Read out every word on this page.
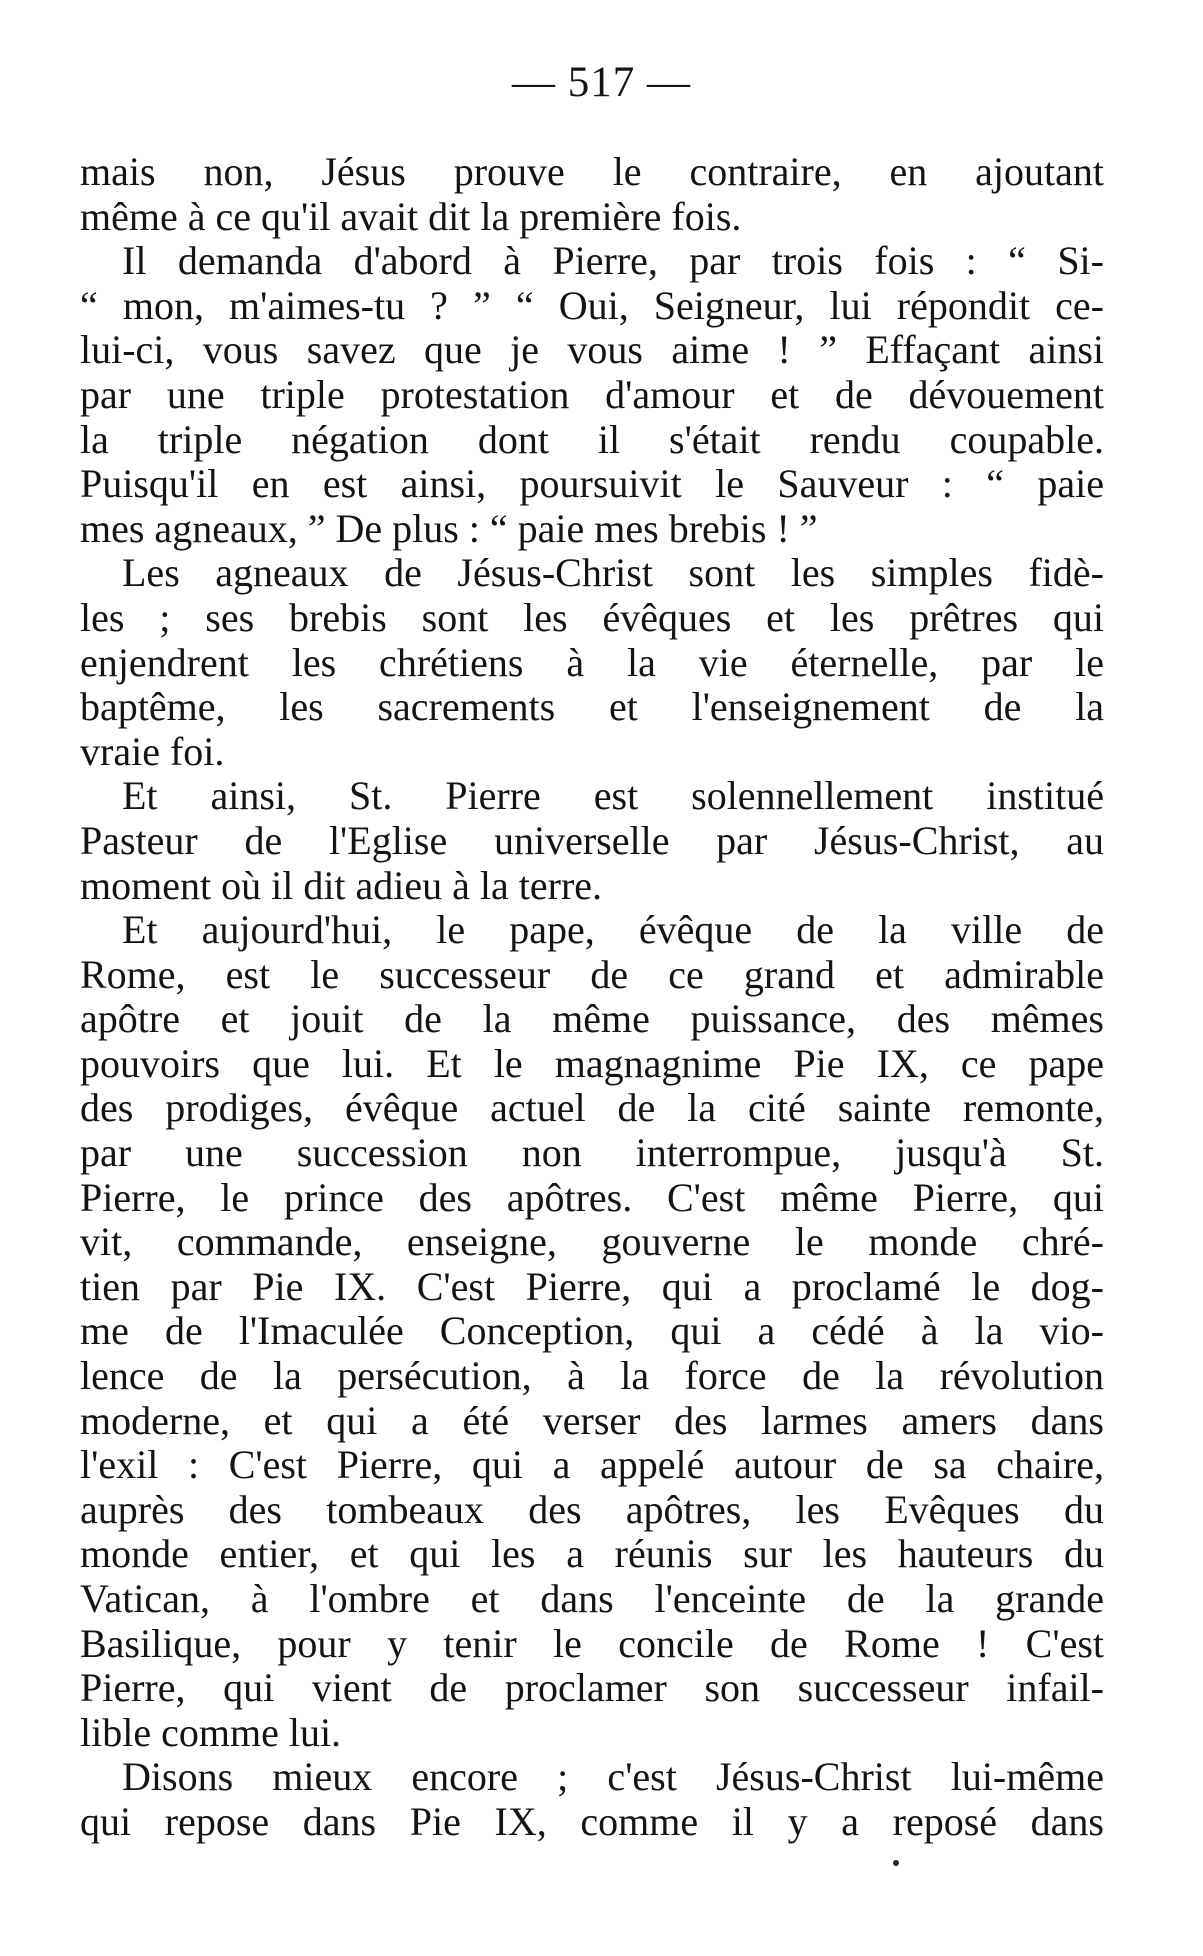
— 517 —
mais non, Jésus prouve le contraire, en ajoutant
même à ce qu'il avait dit la première fois.
Il demanda d'abord à Pierre, par trois fois : “ Si-
“ mon, m'aimes-tu ? ” “ Oui, Seigneur, lui répondit ce-
lui-ci, vous savez que je vous aime ! ” Effaçant ainsi
par une triple protestation d'amour et de dévouement
la triple négation dont il s'était rendu coupable.
Puisqu'il en est ainsi, poursuivit le Sauveur : “ paie
mes agneaux, ” De plus : “ paie mes brebis ! ”
Les agneaux de Jésus-Christ sont les simples fidè-
les ; ses brebis sont les évêques et les prêtres qui
enjendrent les chrétiens à la vie éternelle, par le
baptême, les sacrements et l'enseignement de la
vraie foi.
Et ainsi, St. Pierre est solennellement institué
Pasteur de l'Eglise universelle par Jésus-Christ, au
moment où il dit adieu à la terre.
Et aujourd'hui, le pape, évêque de la ville de
Rome, est le successeur de ce grand et admirable
apôtre et jouit de la même puissance, des mêmes
pouvoirs que lui. Et le magnagnime Pie IX, ce pape
des prodiges, évêque actuel de la cité sainte remonte,
par une succession non interrompue, jusqu'à St.
Pierre, le prince des apôtres. C'est même Pierre, qui
vit, commande, enseigne, gouverne le monde chré-
tien par Pie IX. C'est Pierre, qui a proclamé le dog-
me de l'Imaculée Conception, qui a cédé à la vio-
lence de la persécution, à la force de la révolution
moderne, et qui a été verser des larmes amers dans
l'exil : C'est Pierre, qui a appelé autour de sa chaire,
auprès des tombeaux des apôtres, les Evêques du
monde entier, et qui les a réunis sur les hauteurs du
Vatican, à l'ombre et dans l'enceinte de la grande
Basilique, pour y tenir le concile de Rome ! C'est
Pierre, qui vient de proclamer son successeur infail-
lible comme lui.
Disons mieux encore ; c'est Jésus-Christ lui-même
qui repose dans Pie IX, comme il y a reposé dans
